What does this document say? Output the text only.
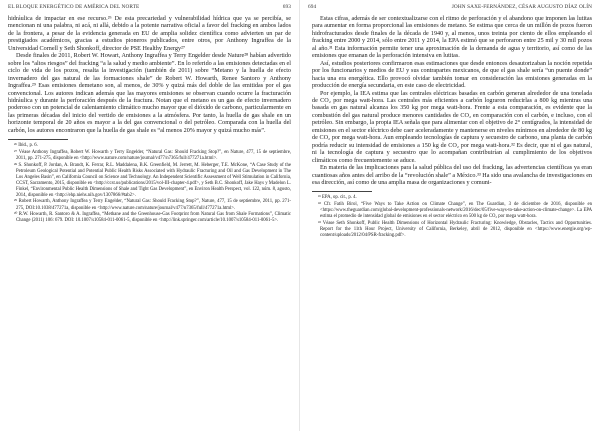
EL BLOQUE ENERGÉTICO DE AMÉRICA DEL NORTE	693

hidráulica de impactar en ese recurso.²⁶ De esta precariedad y vulnerabilidad hídrica que ya se percibía, se mencionan ni una palabra, ni acá, ni allá, debido a la potente narrativa oficial a favor del fracking en ambos lados de la frontera, a pesar de la evidencia generada en EU de amplia solidez científica como advierten un par de prestigiados académicos, gracias a estudios pioneros publicados, entre otros, por Anthony Ingraffea de la Universidad Cornell y Seth Shonkoff, director de PSE Healthy Energy²⁷

Desde finales de 2011, Robert W. Howart, Anthony Ingraffea y Terry Engelder desde Nature²⁸ habían advertido sobre los “altos riesgos” del fracking “a la salud y medio ambiente”. En lo referido a las emisiones detectadas en el ciclo de vida de los pozos, resalta la investigación (también de 2011) sobre “Metano y la huella de efecto invernadero del gas natural de las formaciones shale” de Robert W. Howarth, Renee Santoro y Anthony Ingraffea.²⁹ Esas emisiones demetano son, al menos, de 30% y quizá más del doble de las emitidas por el gas convencional. Los autores indican además que las mayores emisiones se observan cuando ocurre la fracturación hidráulica y durante la perforación después de la fractura. Notan que el metano es un gas de efecto invernadero poderoso con un potencial de calentamiento climático mucho mayor que el dióxido de carbono, particularmente en las primeras décadas del inicio del vertido de emisiones a la atmósfera. Por tanto, la huella de gas shale en un horizonte temporal de 20 años es mayor a la del gas convencional o del petróleo. Comparada con la huella del carbón, los autores encontraron que la huella de gas shale es “al menos 20% mayor y quizá mucho más”.

²⁶ Ibid., p. 6.

²⁷ Véase Anthony Ingraffea, Robert W. Howarth y Terry Engelder, “Natural Gas: Should Fracking Stop?”, en Nature, 477, 15 de septiembre, 2011, pp. 271-275, disponible en <http://www.nature.com/nature/journal/v477/n7365/full/477271a.html>.

²⁸ S. Shonkoff, P. Jordan, A. Brandt, K. Ferrar, R.L. Maddalena, B.K. Greenfield, M. Jerrett, M. Heberger, T.E. McKone, “A Case Study of the Petroleum Geological Potential and Potential Public Health Risks Associated with Hydraulic Fracturing and Oil and Gas Development in The Los Angeles Basin”, en California Council on Science and Technology. An Independent Scientific Assessment of Well Stimulation in California, CCST, Sacramento, 2015, disponible en <http://ccst.us/publications/2015/vol-III-chapter-4.pdf>, y Seth B.C. Shonkoff, Jake Hays y Madelon L. Finkel, “Environmental Public Health Dimensions of Shale and Tight Gas Development”, en Environ Health Perspect, vol. 122, núm. 8, agosto, 2014, disponible en <http://ehp.niehs.nih.gov/1307866/#tab2>.

²⁹ Robert Howarth, Anthony Ingraffea y Terry Engelder, “Natural Gas: Should Fracking Stop?”, Nature, 477, 15 de septiembre, 2011, pp. 271-275, DOI:10.1038/477271a, disponible en <http://www.nature.com/nature/journal/v477/n7365/full/477271a.html>.

³⁰ R.W. Howarth, R. Santoro & A. Ingraffea, “Methane and the Greenhouse-Gas Footprint from Natural Gas from Shale Formations”, Climatic Change (2011) 106: 679. DOI: 10.1007/s10584-011-0061-5, disponible en <http://link.springer.com/article/10.1007/s10584-011-0061-5>.

694	JOHN SAXE-FERNÁNDEZ, CÉSAR AUGUSTO DÍAZ OLÍN

Estas cifras, además de ser contextualizarse con el ritmo de perforación y el abandono que imponen las lutitas para aumentar en forma proporcional las emisiones de metano. Se estima que cerca de un millón de pozos fueron hidrofracturados desde finales de la década de 1940 y, al menos, unos treinta por ciento de ellos empleando el fracking entre 2000 y 2014, sólo entre 2011 y 2014, la EPA estimó que se perforaron entre 25 mil y 30 mil pozos al año.³¹ Esta información permite tener una aproximación de la demanda de agua y territorio, así como de las emisiones que emanan de la perforación intensiva en lutitas.

Así, estudios posteriores confirmaron esas estimaciones que desde entonces desautorizaban la noción repetida por los funcionarios y medios de EU y sus contrapartes mexicanos, de que el gas shale sería “un puente donde” hacia una era energética. Ello provocó olvidar también tomar en consideración las emisiones generadas en la producción de energía secundaria, en este caso de electricidad.

Por ejemplo, la IEA estima que las centrales eléctricas basadas en carbón generan alrededor de una tonelada de CO₂ por mega watt-hora. Las centrales más eficientes a carbón lograron reducirlas a 800 kg mientras una basada en gas natural alcanza los 350 kg por mega watt-hora. Frente a esta comparación, es evidente que la combustión del gas natural produce menores cantidades de CO₂ en comparación con el carbón, e incluso, con el petróleo. Sin embargo, la propia IEA señala que para alimentar con el objetivo de 2° centígrados, la intensidad de emisiones en el sector eléctrico debe caer aceleradamente y mantenerse en niveles mínimos en alrededor de 80 kg de CO₂ por mega watt-hora. Aun empleando tecnologías de captura y secuestro de carbono, una planta de carbón podría reducir su intensidad de emisiones a 150 kg de CO₂ por mega watt-hora.³² Es decir, que ni el gas natural, ni la tecnología de captura y secuestro que lo acompañan contribuirían al cumplimiento de los objetivos climáticos como frecuentemente se aduce.

En materia de las implicaciones para la salud pública del uso del fracking, las advertencias científicas ya eran cuantiosas años antes del arribo de la “revolución shale” a México.³³ Ha sido una avalancha de investigaciones en esa dirección, así como de una amplia masa de organizaciones y comuni-

³¹ EPA, op. cit., p. 4.

³² Cfr. Fatih Birol, “Five Ways to Take Action on Climate Change”, en The Guardian, 3 de diciembre de 2016, disponible en <https://www.theguardian.com/global-development-professionals-network/2016/dec/05/five-ways-to-take-action-on-climate-change>. La EPA estima el promedio de intensidad global de emisiones en el sector eléctrico en 500 kg de CO₂ por mega watt-hora.

³³ Véase Seth Shonkoff, Public Health Dimensions of Horizontal Hydraulic Fracturing: Knowledge, Obstacles, Tactics and Opportunities. Report for the 11th Hour Project, University of California, Berkeley, abril de 2012, disponible en <https://www.energie.org/wp-content/uploads/2012/04/PSR-fracking.pdf>.
